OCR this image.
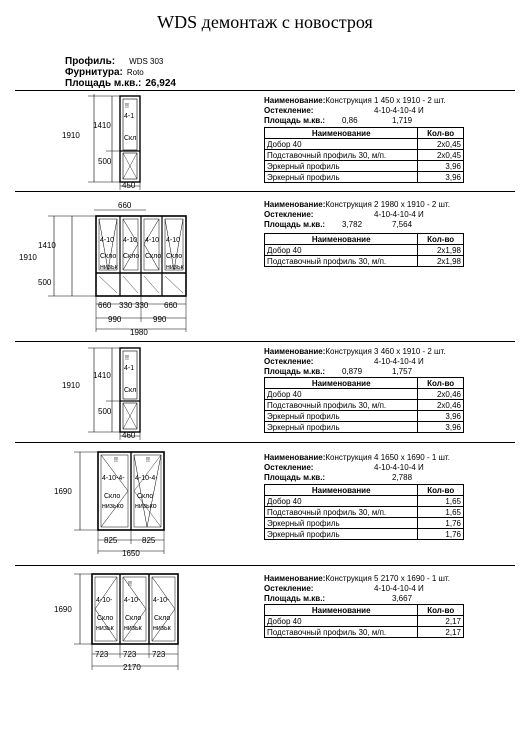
WDS демонтаж с новостроя
Профиль: WDS 303
Фурнитура: Roto
Площадь м.кв.: 26,924
1910
1410
500
!!
4-1
Скл
450
Наименование:Конструкция 1 450 x 1910 - 2 шт.
Остекление:	4-10-4-10-4 И
Площадь м.кв.: 0,86	1,719
Наименование	Кол-во
Добор 40	2x0,45
Подставочный профиль 30, м/п.	2x0,45
Эркерный профиль	3,96
Эркерный профиль	3,96
660
1910
1410
500
4-10 4-10 4-10 4-10
Скло Скло Скло Скло
низьк	низьк
660 330 330 660
990	990
1980
Наименование:Конструкция 2 1980 x 1910 - 2 шт.
Остекление:	4-10-4-10-4 И
Площадь м.кв.: 3,782	7,564
Наименование	Кол-во
Добор 40	2x1,98
Подставочный профиль 30, м/п.	2x1,98
1910
1410
500
!!
4-1
Скл
460
Наименование:Конструкция 3 460 x 1910 - 2 шт.
Остекление:	4-10-4-10-4 И
Площадь м.кв.: 0,879	1,757
Наименование	Кол-во
Добор 40	2x0,46
Подставочный профиль 30, м/п.	2x0,46
Эркерный профиль	3,96
Эркерный профиль	3,96
1690
!!	!!
4-10-4- 4-10-4-
Скло Скло
низько низько
825	825
1650
Наименование:Конструкция 4 1650 x 1690 - 1 шт.
Остекление:	4-10-4-10-4 И
Площадь м.кв.:	2,788
Наименование	Кол-во
Добор 40	1,65
Подставочный профиль 30, м/п.	1,65
Эркерный профиль	1,76
Эркерный профиль	1,76
1690
!!
4-10- 4-10- 4-10-
Скло Скло Скло
низьк низьк низьк
723 723 723
2170
Наименование:Конструкция 5 2170 x 1690 - 1 шт.
Остекление:	4-10-4-10-4 И
Площадь м.кв.:	3,667
Наименование	Кол-во
Добор 40	2,17
Подставочный профиль 30, м/п.	2,17
